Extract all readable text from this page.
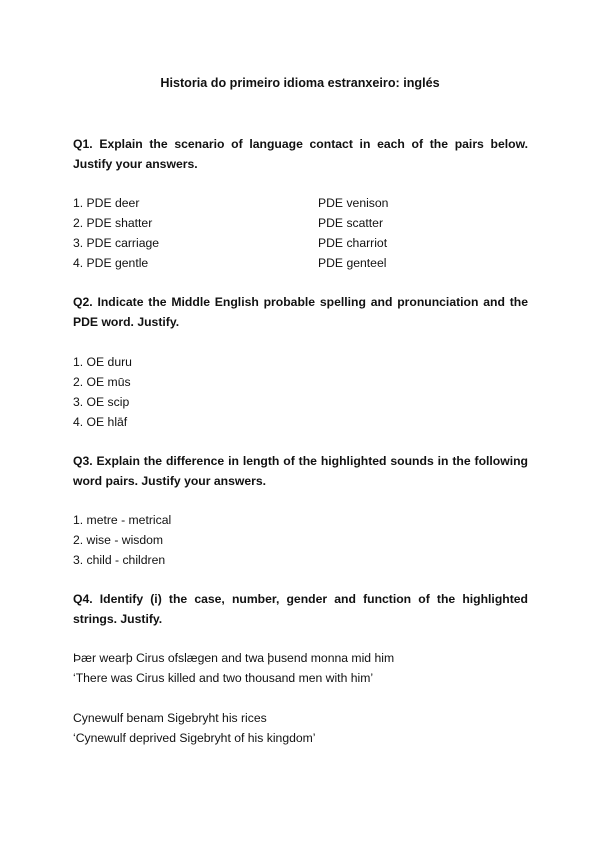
Historia do primeiro idioma estranxeiro: inglés
Q1. Explain the scenario of language contact in each of the pairs below. Justify your answers.
1. PDE deer	PDE venison
2. PDE shatter	PDE scatter
3. PDE carriage	PDE charriot
4. PDE gentle	PDE genteel
Q2. Indicate the Middle English probable spelling and pronunciation and the PDE word. Justify.
1. OE duru
2. OE mūs
3. OE scip
4. OE hlāf
Q3. Explain the difference in length of the highlighted sounds in the following word pairs. Justify your answers.
1. metre - metrical
2. wise - wisdom
3. child - children
Q4. Identify (i) the case, number, gender and function of the highlighted strings. Justify.
Þær wearþ Cirus ofslægen and twa þusend monna mid him
‘There was Cirus killed and two thousand men with him’
Cynewulf benam Sigebryht his rices
‘Cynewulf deprived Sigebryht of his kingdom’
